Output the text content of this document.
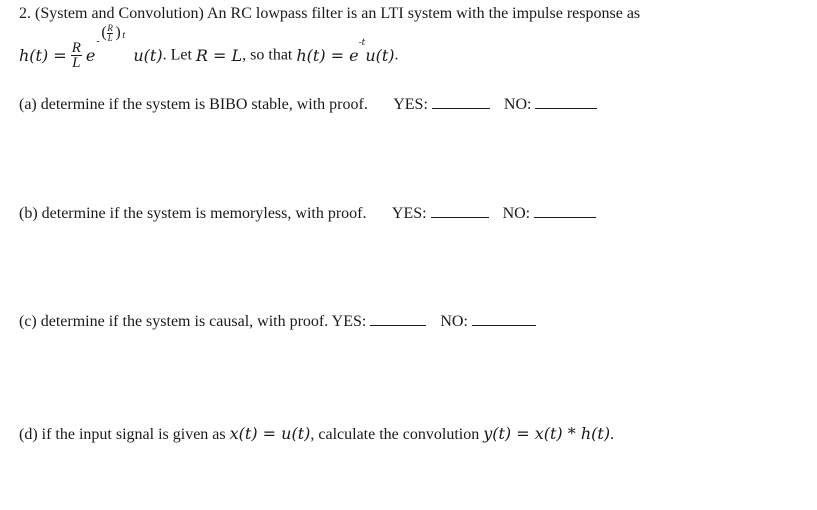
2. (System and Convolution) An RC lowpass filter is an LTI system with the impulse response as
$h(t) = \frac{R}{L}$ e
-
( $\frac{R}{L}$ ) t
u(t). Let R = L, so that $h(t) = e^{-t}u(t)$.
(a) determine if the system is BIBO stable, with proof. YES:	NO:
(b) determine if the system is memoryless, with proof. YES:	NO:
(c) determine if the system is causal, with proof. YES:	NO:
(d) if the input signal is given as x(t) = u(t), calculate the convolution y(t) = x(t) * h(t).
